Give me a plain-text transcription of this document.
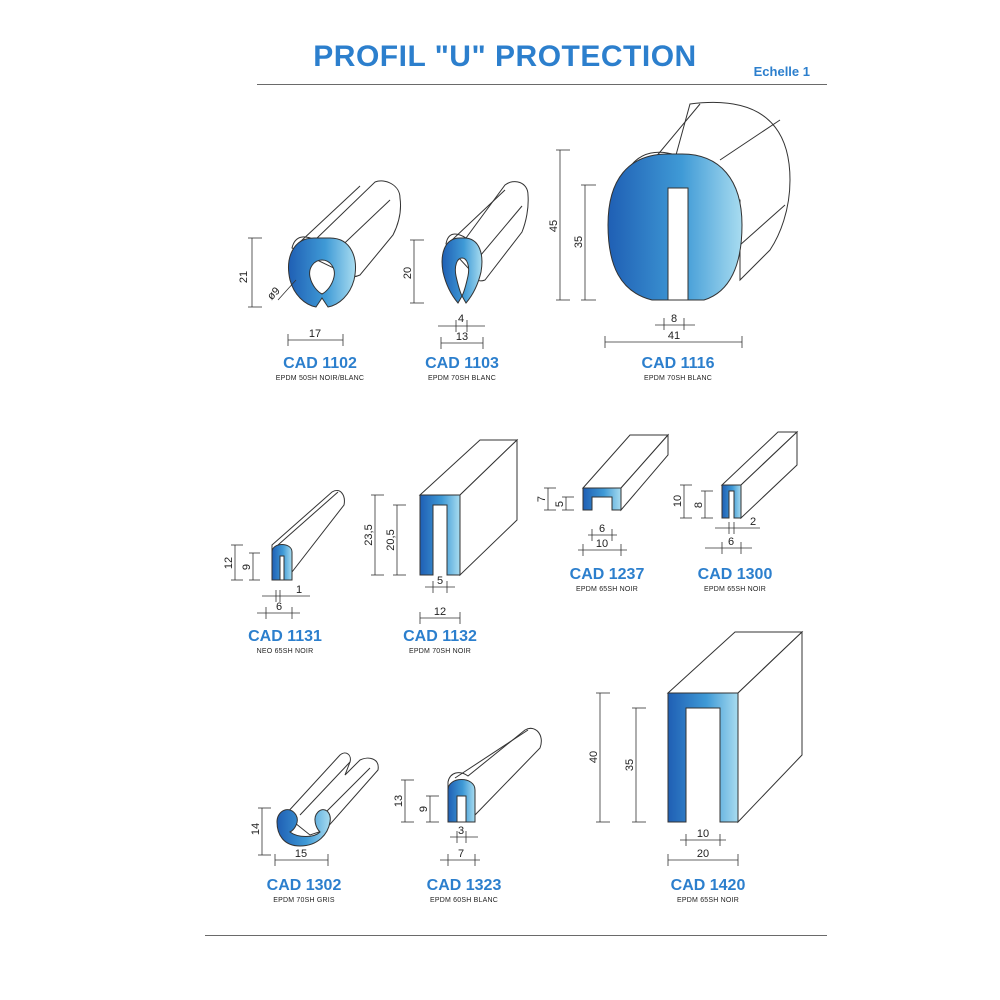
PROFIL "U" PROTECTION	Echelle 1
21
17
ø9
20
4
13
45
35
8
41
12 9
1
6
23,5 20,5
5
12
7
5
6
10
10 8
2
6
14
15
13
9
3
7
40
35
10
20
CAD 1102
EPDM 50SH NOIR/BLANC
CAD 1103
EPDM 70SH BLANC
CAD 1116
EPDM 70SH BLANC
CAD 1131
NEO 65SH NOIR
CAD 1132
EPDM 70SH NOIR
CAD 1237
EPDM 65SH NOIR
CAD 1300
EPDM 65SH NOIR
CAD 1302
EPDM 70SH GRIS
CAD 1323
EPDM 60SH BLANC
CAD 1420
EPDM 65SH NOIR
